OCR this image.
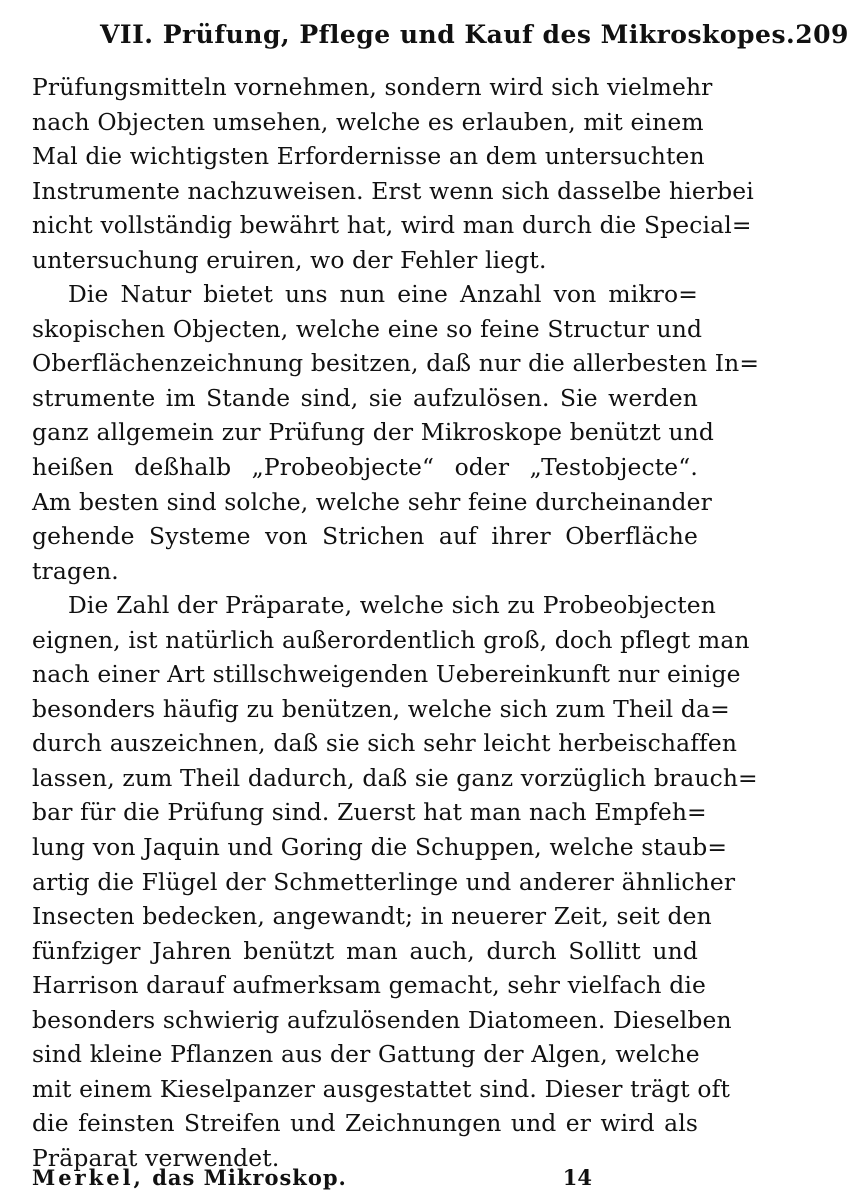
VII. Prüfung, Pflege und Kauf des Mikroskopes. 209
Prüfungsmitteln vornehmen, sondern wird sich vielmehr
nach Objecten umsehen, welche es erlauben, mit einem
Mal die wichtigsten Erfordernisse an dem untersuchten
Instrumente nachzuweisen. Erst wenn sich dasselbe hierbei
nicht vollständig bewährt hat, wird man durch die Special=
untersuchung eruiren, wo der Fehler liegt.
Die Natur bietet uns nun eine Anzahl von mikro=
skopischen Objecten, welche eine so feine Structur und
Oberflächenzeichnung besitzen, daß nur die allerbesten In=
strumente im Stande sind, sie aufzulösen. Sie werden
ganz allgemein zur Prüfung der Mikroskope benützt und
heißen deßhalb „Probeobjecte“ oder „Testobjecte“.
Am besten sind solche, welche sehr feine durcheinander
gehende Systeme von Strichen auf ihrer Oberfläche
tragen.
Die Zahl der Präparate, welche sich zu Probeobjecten
eignen, ist natürlich außerordentlich groß, doch pflegt man
nach einer Art stillschweigenden Uebereinkunft nur einige
besonders häufig zu benützen, welche sich zum Theil da=
durch auszeichnen, daß sie sich sehr leicht herbeischaffen
lassen, zum Theil dadurch, daß sie ganz vorzüglich brauch=
bar für die Prüfung sind. Zuerst hat man nach Empfeh=
lung von Jaquin und Goring die Schuppen, welche staub=
artig die Flügel der Schmetterlinge und anderer ähnlicher
Insecten bedecken, angewandt; in neuerer Zeit, seit den
fünfziger Jahren benützt man auch, durch Sollitt und
Harrison darauf aufmerksam gemacht, sehr vielfach die
besonders schwierig aufzulösenden Diatomeen. Dieselben
sind kleine Pflanzen aus der Gattung der Algen, welche
mit einem Kieselpanzer ausgestattet sind. Dieser trägt oft
die feinsten Streifen und Zeichnungen und er wird als
Präparat verwendet.
Merkel, das Mikroskop.	14
